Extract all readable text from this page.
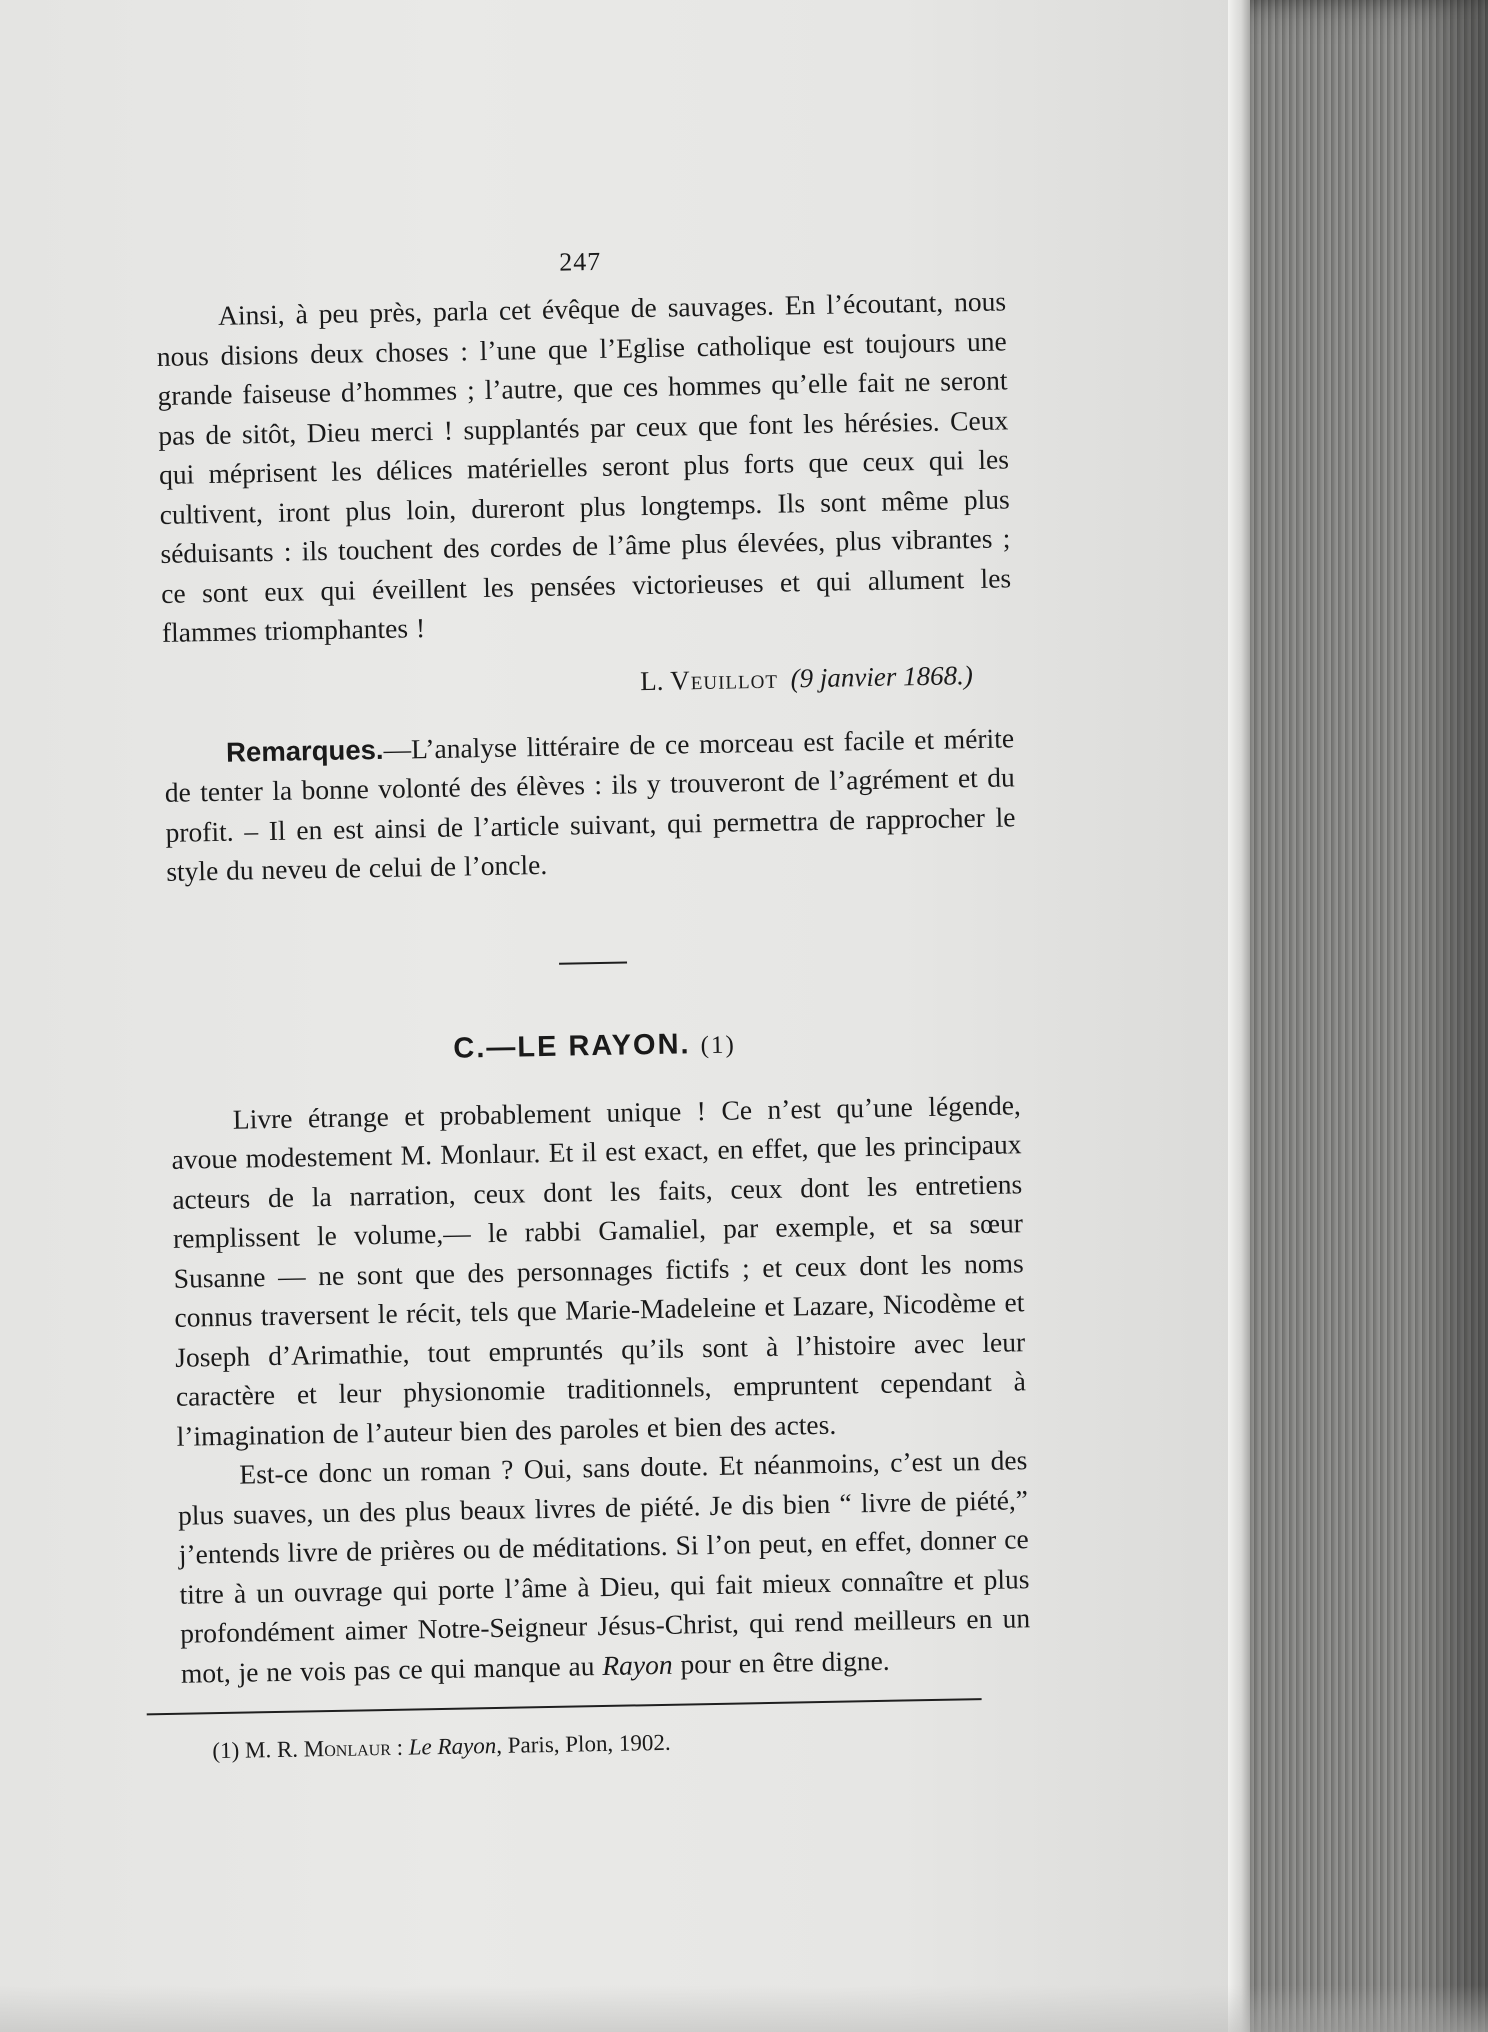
247

Ainsi, à peu près, parla cet évêque de sauvages. En l’écoutant, nous nous disions deux choses : l’une que l’Eglise catholique est toujours une grande faiseuse d’hommes ; l’autre, que ces hommes qu’elle fait ne seront pas de sitôt, Dieu merci ! supplantés par ceux que font les hérésies. Ceux qui méprisent les délices matérielles seront plus forts que ceux qui les cultivent, iront plus loin, dureront plus longtemps. Ils sont même plus séduisants : ils touchent des cordes de l’âme plus élevées, plus vibrantes ; ce sont eux qui éveillent les pensées victorieuses et qui allument les flammes triomphantes !

L. Veuillot (9 janvier 1868.)

Remarques.—L’analyse littéraire de ce morceau est facile et mérite de tenter la bonne volonté des élèves : ils y trouveront de l’agrément et du profit. – Il en est ainsi de l’article suivant, qui permettra de rapprocher le style du neveu de celui de l’oncle.

C.—LE RAYON. (1)

Livre étrange et probablement unique ! Ce n’est qu’une légende, avoue modestement M. Monlaur. Et il est exact, en effet, que les principaux acteurs de la narration, ceux dont les faits, ceux dont les entretiens remplissent le volume,— le rabbi Gamaliel, par exemple, et sa sœur Susanne — ne sont que des personnages fictifs ; et ceux dont les noms connus traversent le récit, tels que Marie-Madeleine et Lazare, Nicodème et Joseph d’Arimathie, tout empruntés qu’ils sont à l’histoire avec leur caractère et leur physionomie traditionnels, empruntent cependant à l’imagination de l’auteur bien des paroles et bien des actes.

Est-ce donc un roman ? Oui, sans doute. Et néanmoins, c’est un des plus suaves, un des plus beaux livres de piété. Je dis bien “ livre de piété,” j’entends livre de prières ou de méditations. Si l’on peut, en effet, donner ce titre à un ouvrage qui porte l’âme à Dieu, qui fait mieux connaître et plus profondément aimer Notre-Seigneur Jésus-Christ, qui rend meilleurs en un mot, je ne vois pas ce qui manque au Rayon pour en être digne.

(1) M. R. Monlaur : Le Rayon, Paris, Plon, 1902.
